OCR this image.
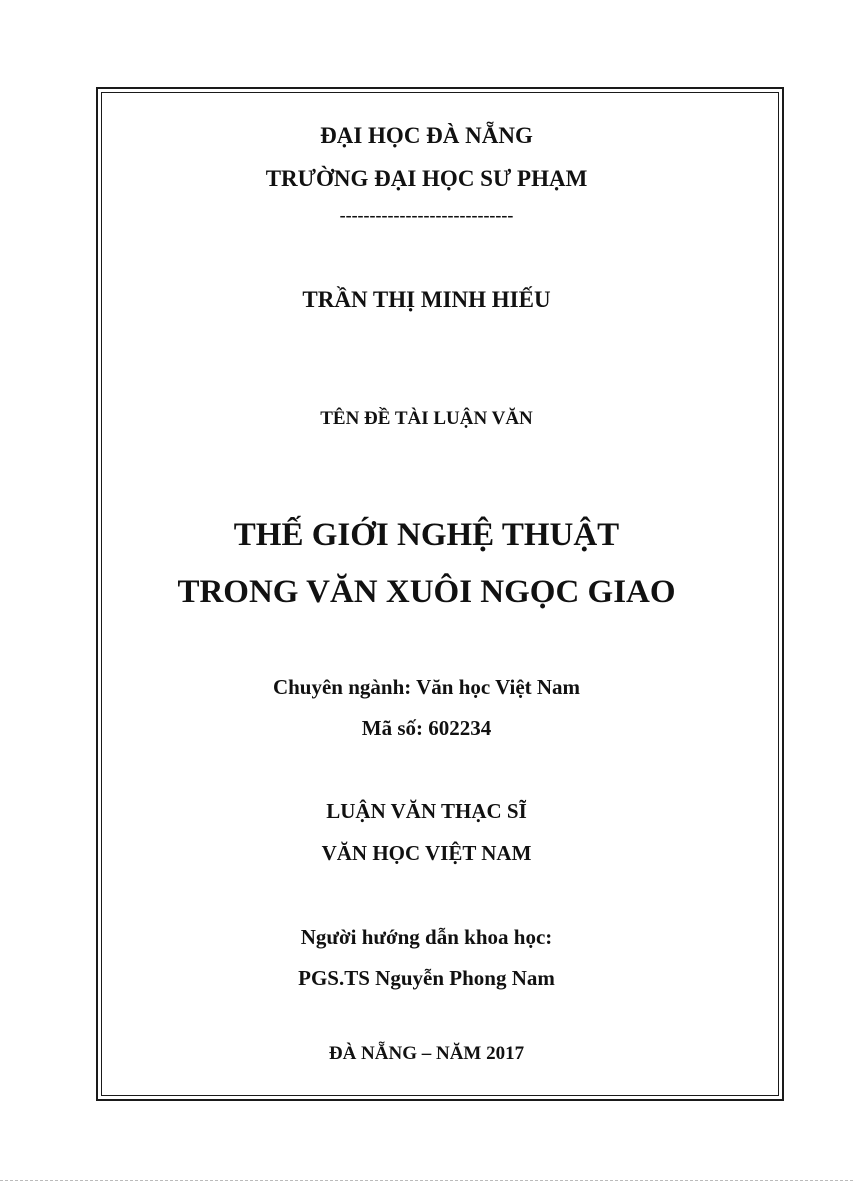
ĐẠI HỌC ĐÀ NẴNG
TRƯỜNG ĐẠI HỌC SƯ PHẠM
-----------------------------
TRẦN THỊ MINH HIẾU
TÊN ĐỀ TÀI LUẬN VĂN
THẾ GIỚI NGHỆ THUẬT
TRONG VĂN XUÔI NGỌC GIAO
Chuyên ngành: Văn học Việt Nam
Mã số: 602234
LUẬN VĂN THẠC SĨ
VĂN HỌC VIỆT NAM
Người hướng dẫn khoa học:
PGS.TS Nguyễn Phong Nam
ĐÀ NẴNG – NĂM 2017
